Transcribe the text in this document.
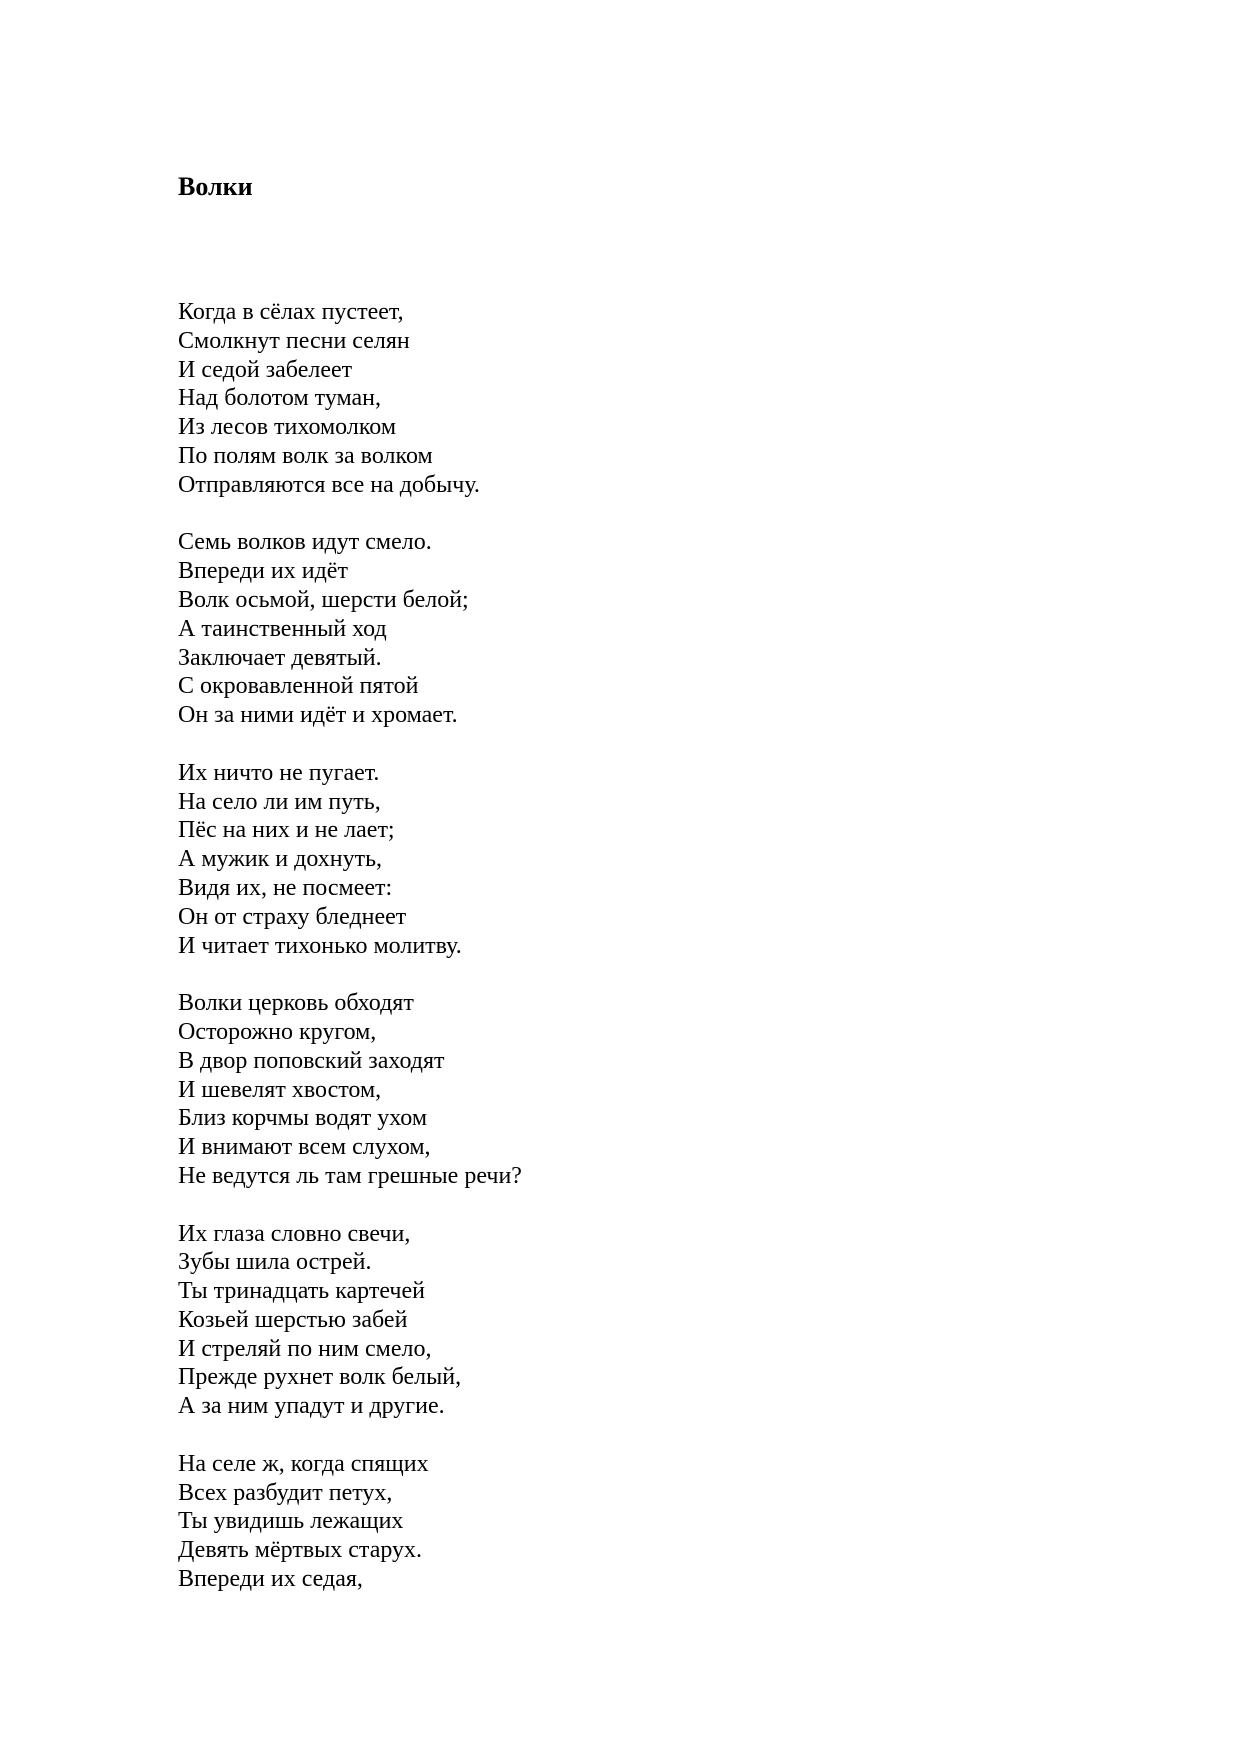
Волки
Когда в сёлах пустеет,
Смолкнут песни селян
И седой забелеет
Над болотом туман,
Из лесов тихомолком
По полям волк за волком
Отправляются все на добычу.
Семь волков идут смело.
Впереди их идёт
Волк осьмой, шерсти белой;
А таинственный ход
Заключает девятый.
С окровавленной пятой
Он за ними идёт и хромает.
Их ничто не пугает.
На село ли им путь,
Пёс на них и не лает;
А мужик и дохнуть,
Видя их, не посмеет:
Он от страху бледнеет
И читает тихонько молитву.
Волки церковь обходят
Осторожно кругом,
В двор поповский заходят
И шевелят хвостом,
Близ корчмы водят ухом
И внимают всем слухом,
Не ведутся ль там грешные речи?
Их глаза словно свечи,
Зубы шила острей.
Ты тринадцать картечей
Козьей шерстью забей
И стреляй по ним смело,
Прежде рухнет волк белый,
А за ним упадут и другие.
На селе ж, когда спящих
Всех разбудит петух,
Ты увидишь лежащих
Девять мёртвых старух.
Впереди их седая,
